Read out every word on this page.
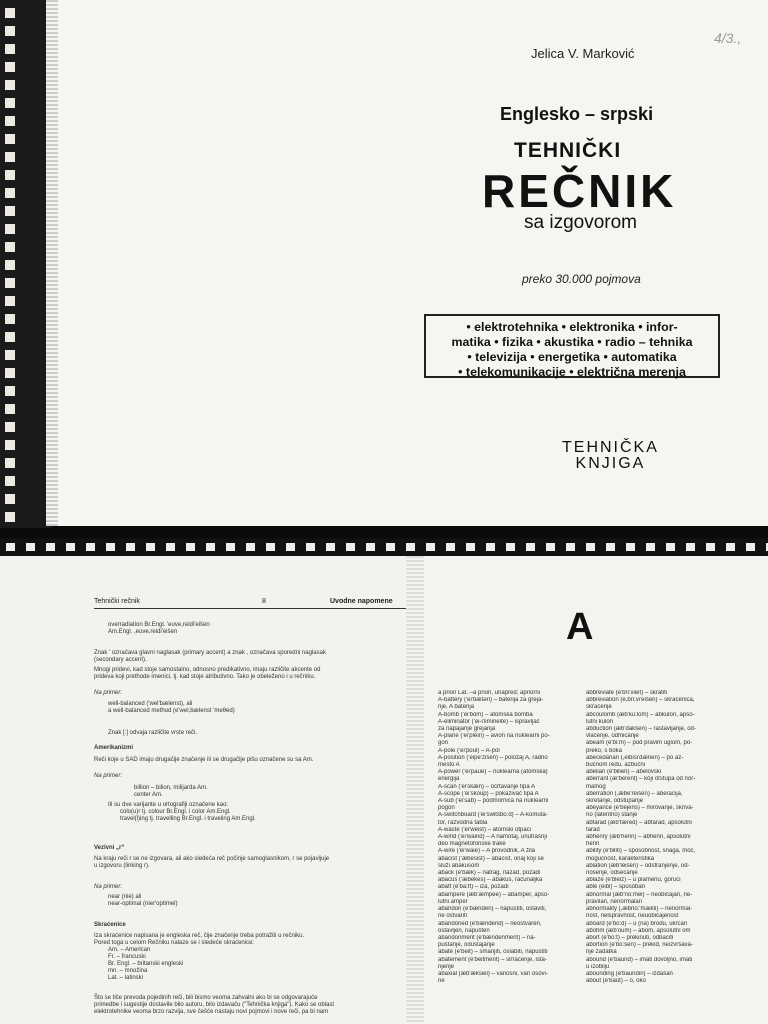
4/3.,
Jelica V. Marković
Englesko – srpski
TEHNIČKI
REČNIK
sa izgovorom
preko 30.000 pojmova
• elektrotehnika • elektronika • infor-
matika • fizika • akustika • radio – tehnika
• televizija • energetika • automatika
• telekomunikacije • električna merenja
TEHNIČKA
KNJIGA
Tehnički rečnik	8	Uvodne napomene
overradiation Br.Engl. 'euve,reidi'eišen
Am.Engl. ,euve,reidi'eišen
Znak ' označava glavni naglasak (primary accent) a znak , označava sporedni naglasak
(secondary accent).
Mnogi pridevi, kad stoje samostalno, odnosno predikativno, imaju različite akcente od
prideva koji prethode imenici, tj. kad stoje atributivno. Tako je obeleženo i u rečniku.
Na primer:
well-balanced ('wel'bælenst), ali
a well-balanced method (e'wel,bælenst 'meθed)
Znak [:] odvaja različite vrste reči.
Amerikanizmi
Reči koje u SAD imaju drugačije značenje ili se drugačije pišu označene su sa Am.
Na primer:
billion – bilion, milijarda Am.
center Am.
Ili su dve varijante u ortografiji označene kao:
colo(u)r tj. colour Br.Engl. i color Am.Engl.
travel(l)ing tj. travelling Br.Engl. i traveling Am.Engl.
Vezivni „r“
Na kraju reči r se ne izgovara, ali ako sledeća reč počinje samoglasnikom, r se pojavljuje
u izgovoru (linking r).
Na primer:
near (nie) ali
near-optimal (nier'optimel)
Skraćenice
Iza skraćenice napisana je engleska reč, čije značenje treba potražiti u rečniku.
Pored toga u celom Rečniku nalaze se i sledeće skraćenice:
Am. – American
Fr. – francuski
Br. Engl. – britanski engleski
mn. – množina
Lat. – latinski
Što se tiče prevoda pojedinih reči, bili bismo veoma zahvalni ako bi se odgovarajuće
primedbe i sugestije dostavile bilo autoru, bilo izdavaču ("Tehnička knjiga"). Kako se oblast
elektrotehnike veoma brzo razvija, sve češće nastaju novi pojmovi i nove reči, pa bi nam
A
a priori Lat. –a priori, unapred; apriorni
A-battery ('ei'bætəri) – baterija za greja-
nje, A baterija
A-bomb ('ei'bom) – atomska bomba
A-eliminator ('ei-i'limineite) – ispravljač
za napajanje grejanja
A-plane ('ei'plein) – avion na nuklearni po-
gon
A-pole ('ei'poul) – A-pol
A-position ('eipe'zišen) – položaj A, radno
mesto A
A-power ('ei'paue) – nuklearna (atomska)
energija
A-scan ('ei'skæn) – ocrtavanje tipa A
A-scope ('ei'skoup) – pokazivač tipa A
A-sub ('ei'sab) – podmornica na nuklearni
pogon
A-switchboard ('ei'switšbo:d) – A-komuta-
tor, razvodna tabla
A-waste ('ei'weist) – atomski otpaci
A-wind ('ei'waind) – A namotaj, unutrašnji
deo magnetofonske trake
A-wire ('ei'waie) – A provodnik, A žila
abacist ('æbesist) – abacist, onaj koji se
služi abakusom
aback (e'bæk) – natrag, nazad, pozadi
abacus ('æbekes) – abakus, računaljka
abaft (e'ba:ft) – iza, pozadi
abampere (æb'æmpee) – abamper, apso-
lutni amper
abandon (e'bænden) – napustiti, ostaviti,
ne ostvariti
abandoned (e'bændend) – neostvaren,
ostavljen, napušten
abandonment (e'bændenment) – na-
puštanje, odustajanje
abate (e'beit) – smanjiti, oslabiti, napustiti
abatement (e'beitment) – slrraćenje, ista-
njenje
abaxial (æb'æksiel) – vanosni, van osovi-
ne
abbreviate (e'bri:vieit) – skratiti
abbreviation (e,bri:vi'eišen) – skraćenica,
skraćenje
abcoulomb (æb'ku:lom) – abkulon, apso-
lutni kulon
abduction (æb'dakšen) – rastavljanje, od-
vlačenje, odmicanje
abeam (e'bi:m) – pod pravim uglom, po-
preko, s boka
abecedarian (,eibisi'dærien) – po az-
bučnom redu, azbučni
abelian (e'bilien) – abelovski
aberrant (æ'berent) – koji otstupa od nor-
malnog
aberration (,æbe'reišen) – aberacija,
skretanje, odstupanje
abeyance (e'bejens) – mirovanje, skriva-
no (latentno) stanje
abfarad (æb'færed) – abfarad, apsolutni
farad
abhenry (æb'henri) – abhenri, apsolutni
henri
ability (e'biliti) – sposobnost, snaga, moć,
mogućnost, karakteristika
ablation (æb'leišen) – odstranjenje, od-
nošenje, odsecanje
ablaze (e'bleiz) – u plamenu, goruci
able (eibl) – sposoban
abnormal (æb'no:mel) – neobičajan, ne-
pravilan, nenormalan
abnormality (,æbno:'mæliti) – nenormal-
nost, nelspravnost, neuobičajenost
aboard (e'bo:d) – u (na) brodu, ukrcan
abohm (æb'oum) – abom, apsolutni om
abort (e'bo:t) – prekinuti, odbaciti
abortion (e'bo:šen) – prekid, neizvršava-
nje zadatka
abound (e'baund) – imati dovoljno, imati
u izobilju
abounding (e'baundin) – izdašan
about (e'baut) – o, oko
